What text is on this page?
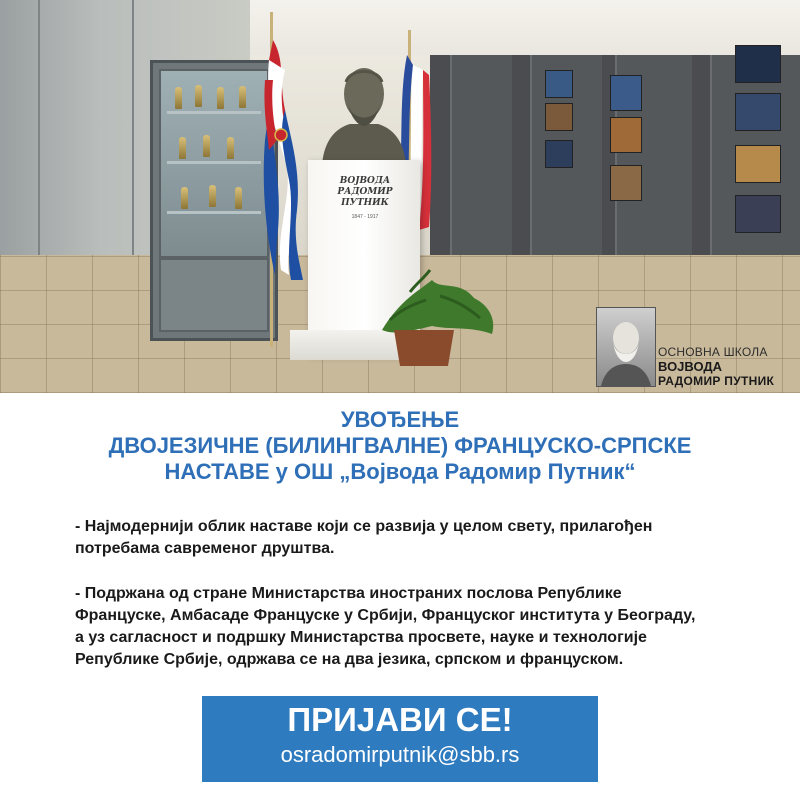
ВОЈВОДА
РАДОМИР
ПУТНИК
1847 - 1917
ОСНОВНА ШКОЛА
ВОЈВОДА
РАДОМИР ПУТНИК
УВОЂЕЊЕ
ДВОЈЕЗИЧНЕ (БИЛИНГВАЛНЕ) ФРАНЦУСКО-СРПСКЕ
НАСТАВЕ у ОШ „Војвода Радомир Путник“
- Најмодернији облик наставе који се развија у целом свету, прилагођен
потребама савременог друштва.
- Подржана од стране Министарства иностраних послова Републике
Француске, Амбасаде Француске у Србији, Француског института у Београду,
а уз сагласност и подршку Министарства просвете, науке и технологије
Републике Србије, одржава се на два језика, српском и француском.
ПРИЈАВИ СЕ!
osradomirputnik@sbb.rs
